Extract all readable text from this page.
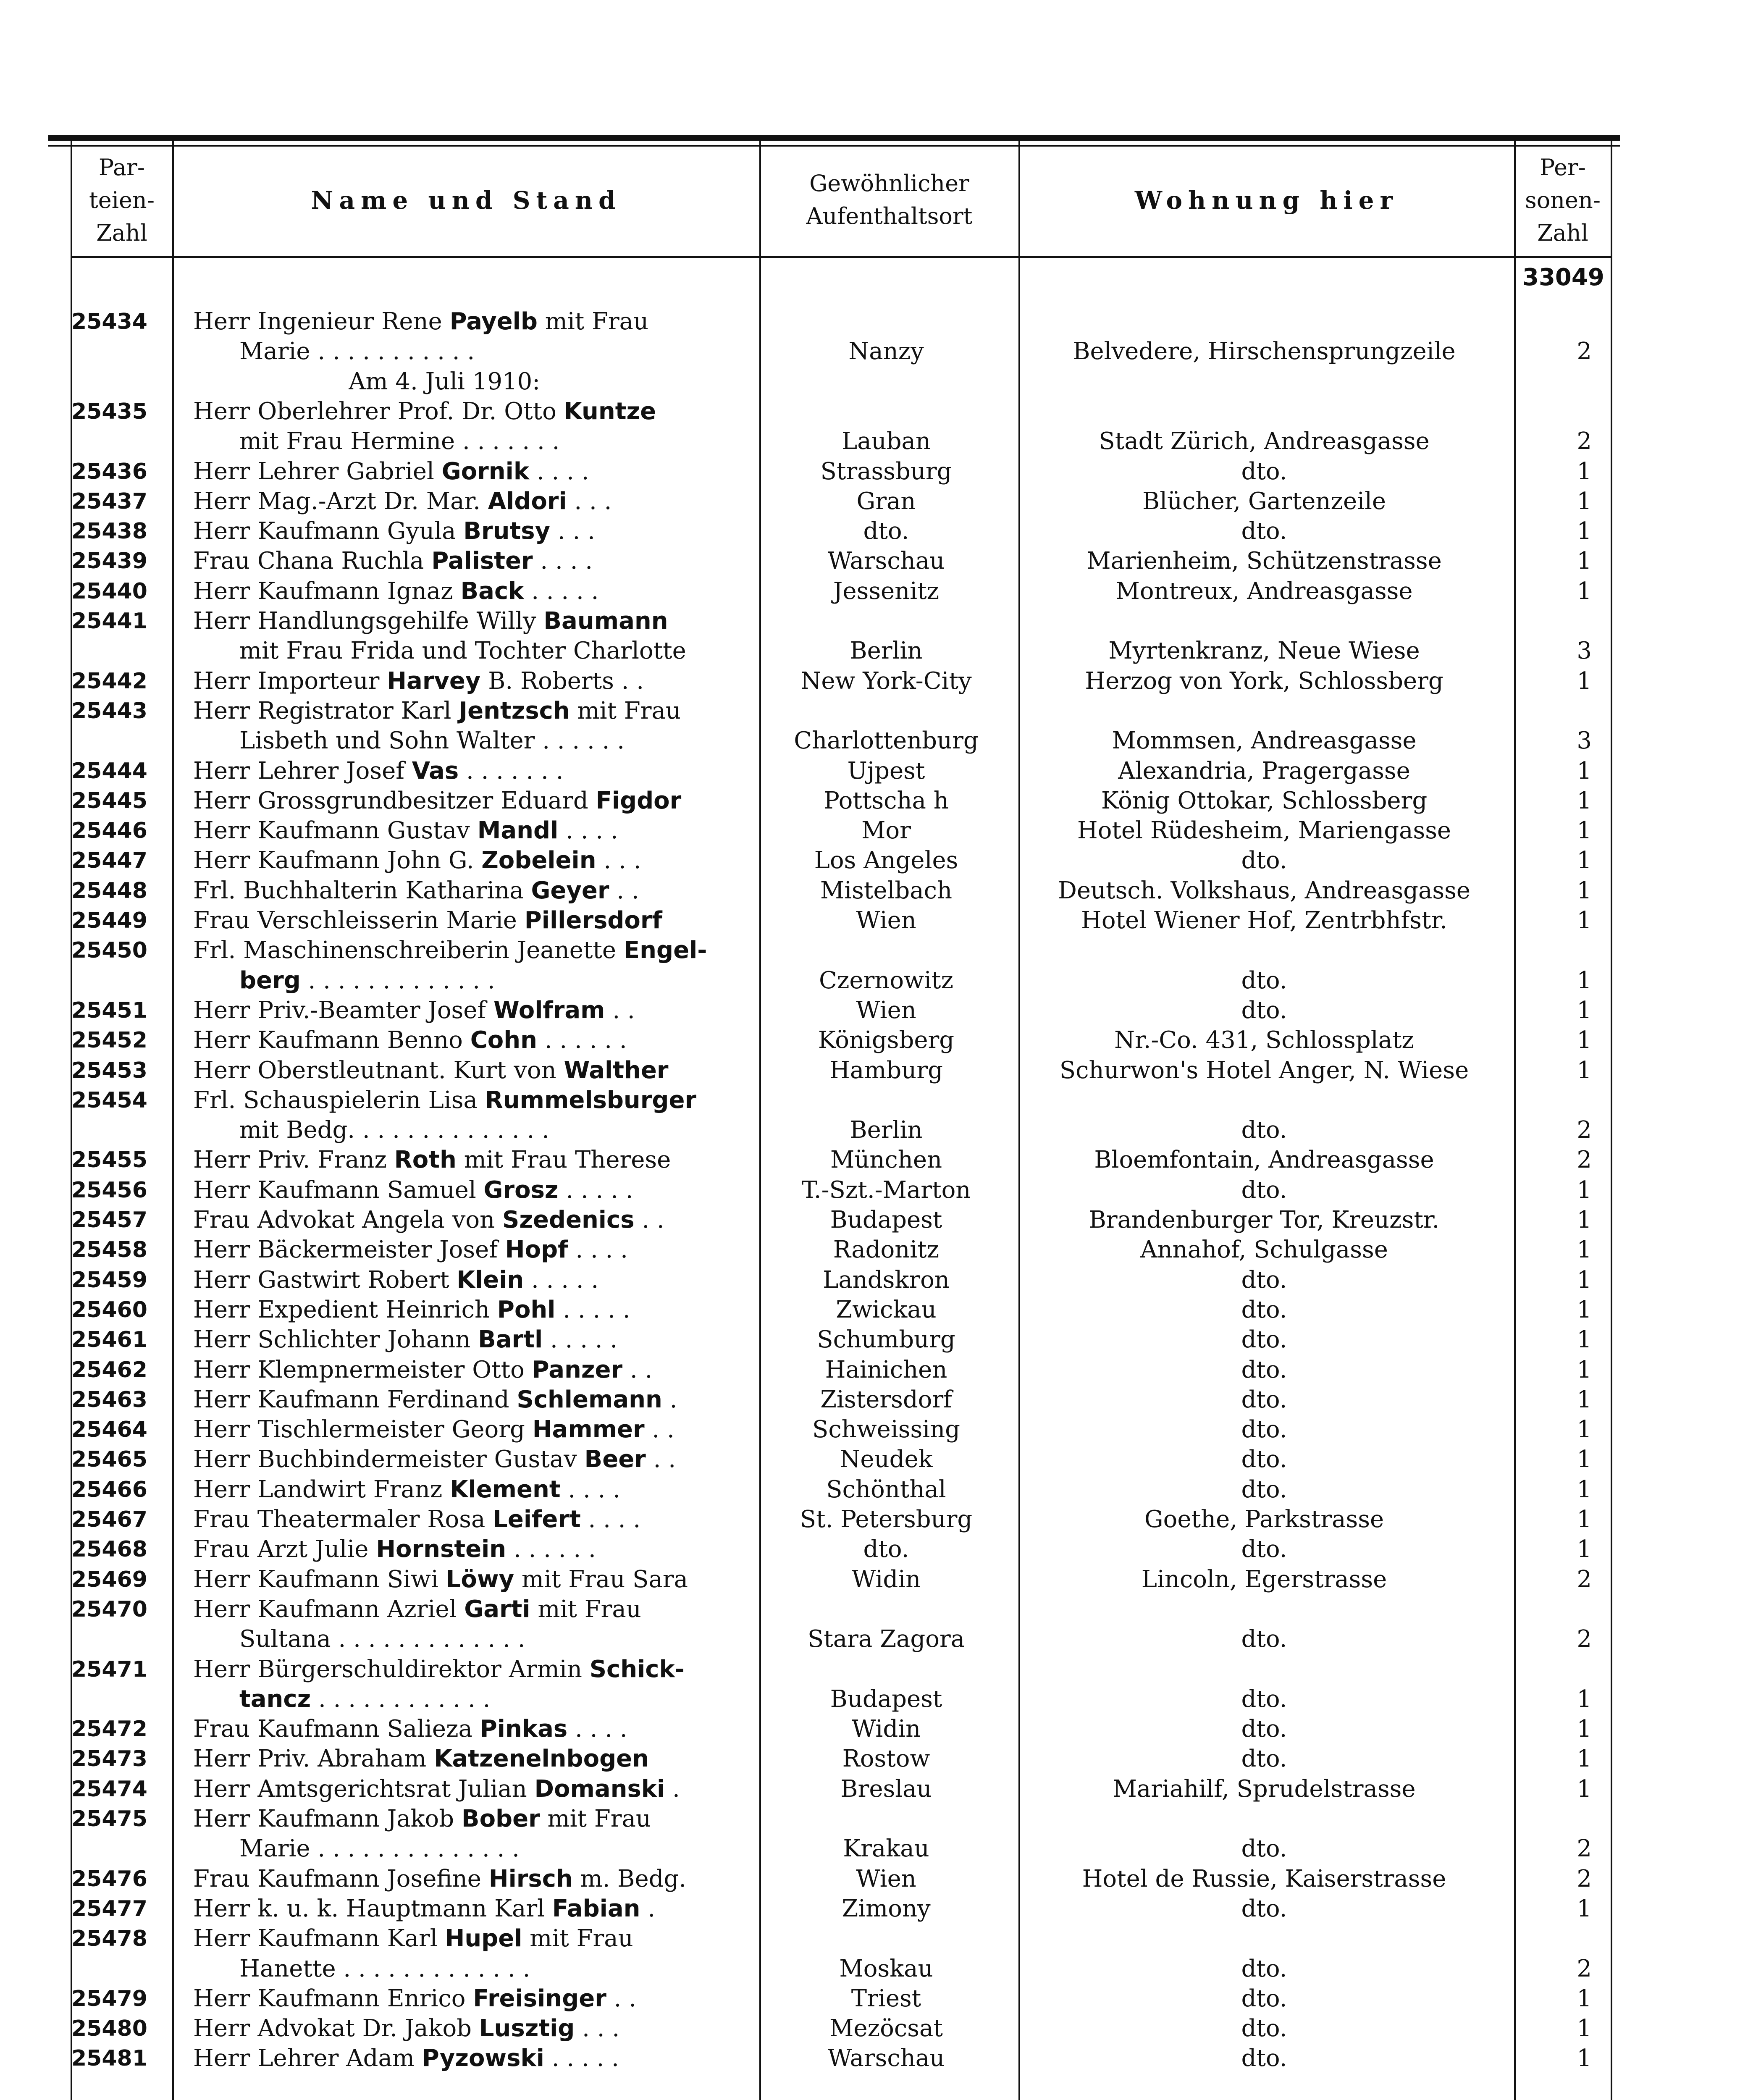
Par-
teien-
Zahl
Name und Stand
Gewöhnlicher
Aufenthaltsort
Wohnung hier
Per-
sonen-
Zahl
33049
25434	Herr Ingenieur Rene Payelb mit Frau
Marie . . . . . . . . . . .	Nanzy	Belvedere, Hirschensprungzeile	2
Am 4. Juli 1910:
25435	Herr Oberlehrer Prof. Dr. Otto Kuntze
mit Frau Hermine . . . . . . .	Lauban	Stadt Zürich, Andreasgasse	2
25436	Herr Lehrer Gabriel Gornik . . . .	Strassburg	dto.	1
25437	Herr Mag.-Arzt Dr. Mar. Aldori . . .	Gran	Blücher, Gartenzeile	1
25438	Herr Kaufmann Gyula Brutsy . . .	dto.	dto.	1
25439	Frau Chana Ruchla Palister . . . .	Warschau	Marienheim, Schützenstrasse	1
25440	Herr Kaufmann Ignaz Back . . . . .	Jessenitz	Montreux, Andreasgasse	1
25441	Herr Handlungsgehilfe Willy Baumann
mit Frau Frida und Tochter Charlotte	Berlin	Myrtenkranz, Neue Wiese	3
25442	Herr Importeur Harvey B. Roberts . .	New York-City	Herzog von York, Schlossberg	1
25443	Herr Registrator Karl Jentzsch mit Frau
Lisbeth und Sohn Walter . . . . . .	Charlottenburg	Mommsen, Andreasgasse	3
25444	Herr Lehrer Josef Vas . . . . . . .	Ujpest	Alexandria, Pragergasse	1
25445	Herr Grossgrundbesitzer Eduard Figdor	Pottscha h	König Ottokar, Schlossberg	1
25446	Herr Kaufmann Gustav Mandl . . . .	Mor	Hotel Rüdesheim, Mariengasse	1
25447	Herr Kaufmann John G. Zobelein . . .	Los Angeles	dto.	1
25448	Frl. Buchhalterin Katharina Geyer . .	Mistelbach	Deutsch. Volkshaus, Andreasgasse	1
25449	Frau Verschleisserin Marie Pillersdorf	Wien	Hotel Wiener Hof, Zentrbhfstr.	1
25450	Frl. Maschinenschreiberin Jeanette Engel-
berg . . . . . . . . . . . . .	Czernowitz	dto.	1
25451	Herr Priv.-Beamter Josef Wolfram . .	Wien	dto.	1
25452	Herr Kaufmann Benno Cohn . . . . . .	Königsberg	Nr.-Co. 431, Schlossplatz	1
25453	Herr Oberstleutnant. Kurt von Walther	Hamburg	Schurwon's Hotel Anger, N. Wiese	1
25454	Frl. Schauspielerin Lisa Rummelsburger
mit Bedg. . . . . . . . . . . . . .	Berlin	dto.	2
25455	Herr Priv. Franz Roth mit Frau Therese	München	Bloemfontain, Andreasgasse	2
25456	Herr Kaufmann Samuel Grosz . . . . .	T.-Szt.-Marton	dto.	1
25457	Frau Advokat Angela von Szedenics . .	Budapest	Brandenburger Tor, Kreuzstr.	1
25458	Herr Bäckermeister Josef Hopf . . . .	Radonitz	Annahof, Schulgasse	1
25459	Herr Gastwirt Robert Klein . . . . .	Landskron	dto.	1
25460	Herr Expedient Heinrich Pohl . . . . .	Zwickau	dto.	1
25461	Herr Schlichter Johann Bartl . . . . .	Schumburg	dto.	1
25462	Herr Klempnermeister Otto Panzer . .	Hainichen	dto.	1
25463	Herr Kaufmann Ferdinand Schlemann .	Zistersdorf	dto.	1
25464	Herr Tischlermeister Georg Hammer . .	Schweissing	dto.	1
25465	Herr Buchbindermeister Gustav Beer . .	Neudek	dto.	1
25466	Herr Landwirt Franz Klement . . . .	Schönthal	dto.	1
25467	Frau Theatermaler Rosa Leifert . . . .	St. Petersburg	Goethe, Parkstrasse	1
25468	Frau Arzt Julie Hornstein . . . . . .	dto.	dto.	1
25469	Herr Kaufmann Siwi Löwy mit Frau Sara	Widin	Lincoln, Egerstrasse	2
25470	Herr Kaufmann Azriel Garti mit Frau
Sultana . . . . . . . . . . . . .	Stara Zagora	dto.	2
25471	Herr Bürgerschuldirektor Armin Schick-
tancz . . . . . . . . . . . .	Budapest	dto.	1
25472	Frau Kaufmann Salieza Pinkas . . . .	Widin	dto.	1
25473	Herr Priv. Abraham Katzenelnbogen	Rostow	dto.	1
25474	Herr Amtsgerichtsrat Julian Domanski .	Breslau	Mariahilf, Sprudelstrasse	1
25475	Herr Kaufmann Jakob Bober mit Frau
Marie . . . . . . . . . . . . . .	Krakau	dto.	2
25476	Frau Kaufmann Josefine Hirsch m. Bedg.	Wien	Hotel de Russie, Kaiserstrasse	2
25477	Herr k. u. k. Hauptmann Karl Fabian .	Zimony	dto.	1
25478	Herr Kaufmann Karl Hupel mit Frau
Hanette . . . . . . . . . . . . .	Moskau	dto.	2
25479	Herr Kaufmann Enrico Freisinger . .	Triest	dto.	1
25480	Herr Advokat Dr. Jakob Lusztig . . .	Mezöcsat	dto.	1
25481	Herr Lehrer Adam Pyzowski . . . . .	Warschau	dto.	1
